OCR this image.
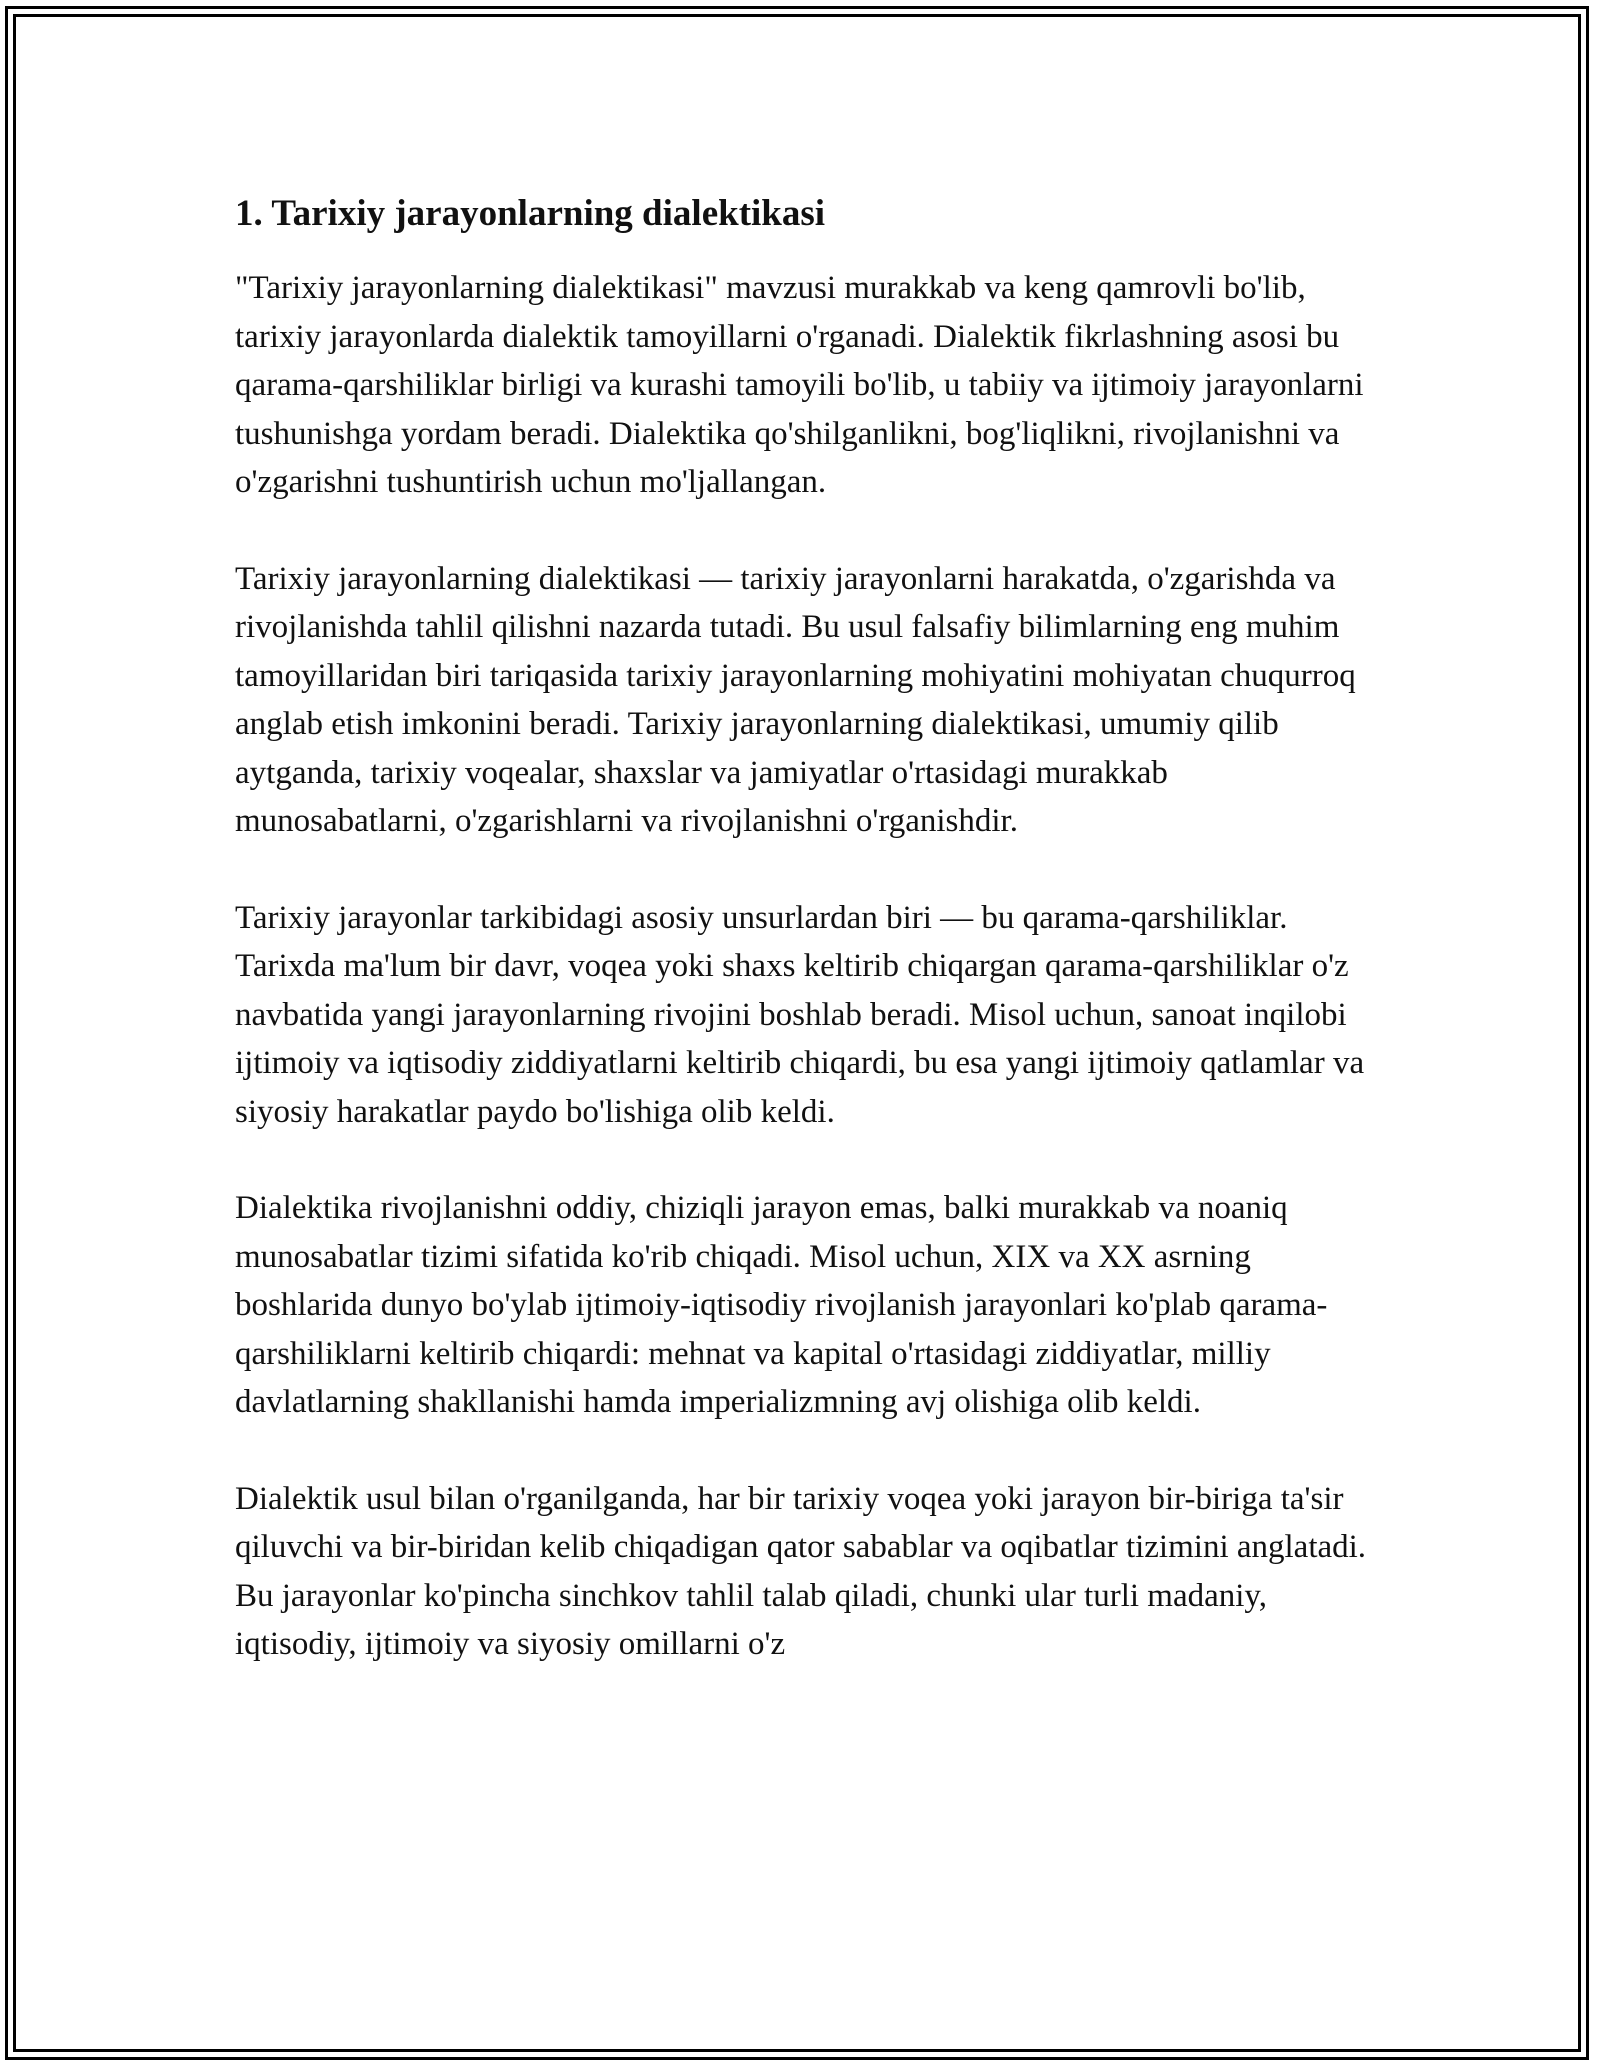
1. Tarixiy jarayonlarning dialektikasi

"Tarixiy jarayonlarning dialektikasi" mavzusi murakkab va keng qamrovli bo'lib, tarixiy jarayonlarda dialektik tamoyillarni o'rganadi. Dialektik fikrlashning asosi bu qarama-qarshiliklar birligi va kurashi tamoyili bo'lib, u tabiiy va ijtimoiy jarayonlarni tushunishga yordam beradi. Dialektika qo'shilganlikni, bog'liqlikni, rivojlanishni va o'zgarishni tushuntirish uchun mo'ljallangan.

Tarixiy jarayonlarning dialektikasi — tarixiy jarayonlarni harakatda, o'zgarishda va rivojlanishda tahlil qilishni nazarda tutadi. Bu usul falsafiy bilimlarning eng muhim tamoyillaridan biri tariqasida tarixiy jarayonlarning mohiyatini mohiyatan chuqurroq anglab etish imkonini beradi. Tarixiy jarayonlarning dialektikasi, umumiy qilib aytganda, tarixiy voqealar, shaxslar va jamiyatlar o'rtasidagi murakkab munosabatlarni, o'zgarishlarni va rivojlanishni o'rganishdir.

Tarixiy jarayonlar tarkibidagi asosiy unsurlardan biri — bu qarama-qarshiliklar. Tarixda ma'lum bir davr, voqea yoki shaxs keltirib chiqargan qarama-qarshiliklar o'z navbatida yangi jarayonlarning rivojini boshlab beradi. Misol uchun, sanoat inqilobi ijtimoiy va iqtisodiy ziddiyatlarni keltirib chiqardi, bu esa yangi ijtimoiy qatlamlar va siyosiy harakatlar paydo bo'lishiga olib keldi.

Dialektika rivojlanishni oddiy, chiziqli jarayon emas, balki murakkab va noaniq munosabatlar tizimi sifatida ko'rib chiqadi. Misol uchun, XIX va XX asrning boshlarida dunyo bo'ylab ijtimoiy-iqtisodiy rivojlanish jarayonlari ko'plab qarama-qarshiliklarni keltirib chiqardi: mehnat va kapital o'rtasidagi ziddiyatlar, milliy davlatlarning shakllanishi hamda imperializmning avj olishiga olib keldi.

Dialektik usul bilan o'rganilganda, har bir tarixiy voqea yoki jarayon bir-biriga ta'sir qiluvchi va bir-biridan kelib chiqadigan qator sabablar va oqibatlar tizimini anglatadi. Bu jarayonlar ko'pincha sinchkov tahlil talab qiladi, chunki ular turli madaniy, iqtisodiy, ijtimoiy va siyosiy omillarni o'z
